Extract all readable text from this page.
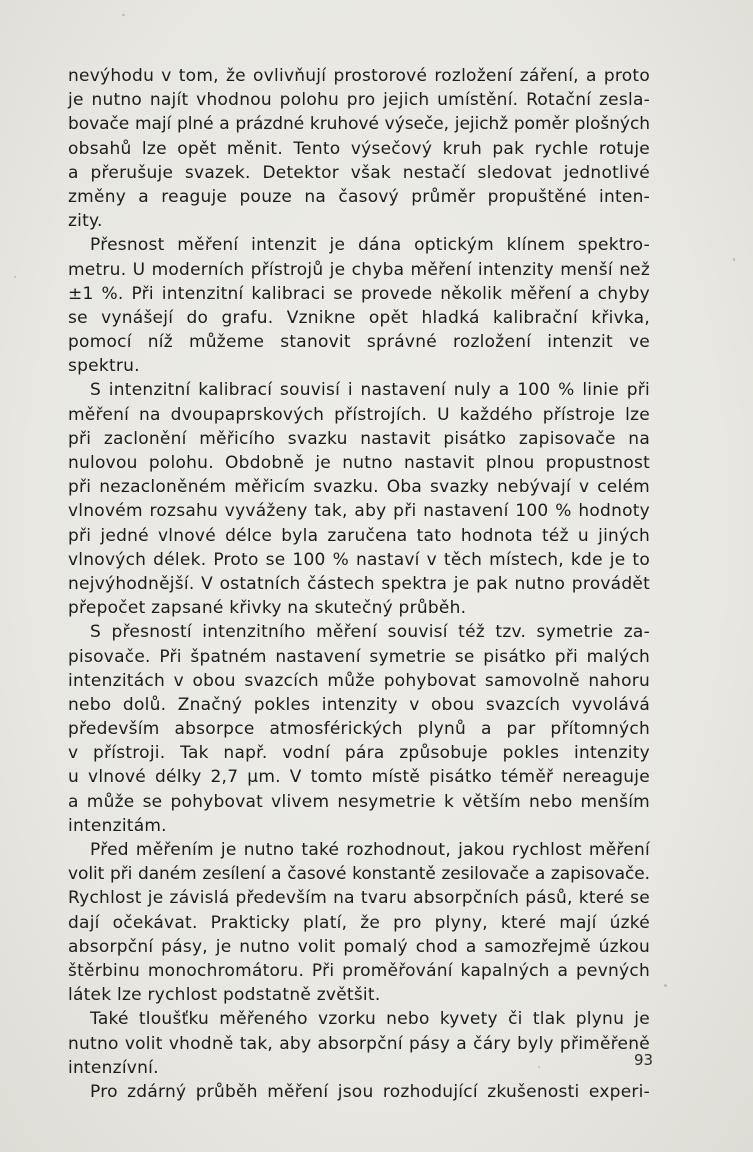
nevýhodu v tom, že ovlivňují prostorové rozložení záření, a proto
je nutno najít vhodnou polohu pro jejich umístění. Rotační zesla-
bovače mají plné a prázdné kruhové výseče, jejichž poměr plošných
obsahů lze opět měnit. Tento výsečový kruh pak rychle rotuje
a přerušuje svazek. Detektor však nestačí sledovat jednotlivé
změny a reaguje pouze na časový průměr propuštěné inten-
zity.
Přesnost měření intenzit je dána optickým klínem spektro-
metru. U moderních přístrojů je chyba měření intenzity menší než
±1 %. Při intenzitní kalibraci se provede několik měření a chyby
se vynášejí do grafu. Vznikne opět hladká kalibrační křivka,
pomocí níž můžeme stanovit správné rozložení intenzit ve
spektru.
S intenzitní kalibrací souvisí i nastavení nuly a 100 % linie při
měření na dvoupaprskových přístrojích. U každého přístroje lze
při zaclonění měřicího svazku nastavit pisátko zapisovače na
nulovou polohu. Obdobně je nutno nastavit plnou propustnost
při nezacloněném měřicím svazku. Oba svazky nebývají v celém
vlnovém rozsahu vyváženy tak, aby při nastavení 100 % hodnoty
při jedné vlnové délce byla zaručena tato hodnota též u jiných
vlnových délek. Proto se 100 % nastaví v těch místech, kde je to
nejvýhodnější. V ostatních částech spektra je pak nutno provádět
přepočet zapsané křivky na skutečný průběh.
S přesností intenzitního měření souvisí též tzv. symetrie za-
pisovače. Při špatném nastavení symetrie se pisátko při malých
intenzitách v obou svazcích může pohybovat samovolně nahoru
nebo dolů. Značný pokles intenzity v obou svazcích vyvolává
především absorpce atmosférických plynů a par přítomných
v přístroji. Tak např. vodní pára způsobuje pokles intenzity
u vlnové délky 2,7 μm. V tomto místě pisátko téměř nereaguje
a může se pohybovat vlivem nesymetrie k větším nebo menším
intenzitám.
Před měřením je nutno také rozhodnout, jakou rychlost měření
volit při daném zesílení a časové konstantě zesilovače a zapisovače.
Rychlost je závislá především na tvaru absorpčních pásů, které se
dají očekávat. Prakticky platí, že pro plyny, které mají úzké
absorpční pásy, je nutno volit pomalý chod a samozřejmě úzkou
štěrbinu monochromátoru. Při proměřování kapalných a pevných
látek lze rychlost podstatně zvětšit.
Také tloušťku měřeného vzorku nebo kyvety či tlak plynu je
nutno volit vhodně tak, aby absorpční pásy a čáry byly přiměřeně
intenzívní.
Pro zdárný průběh měření jsou rozhodující zkušenosti experi-
93
